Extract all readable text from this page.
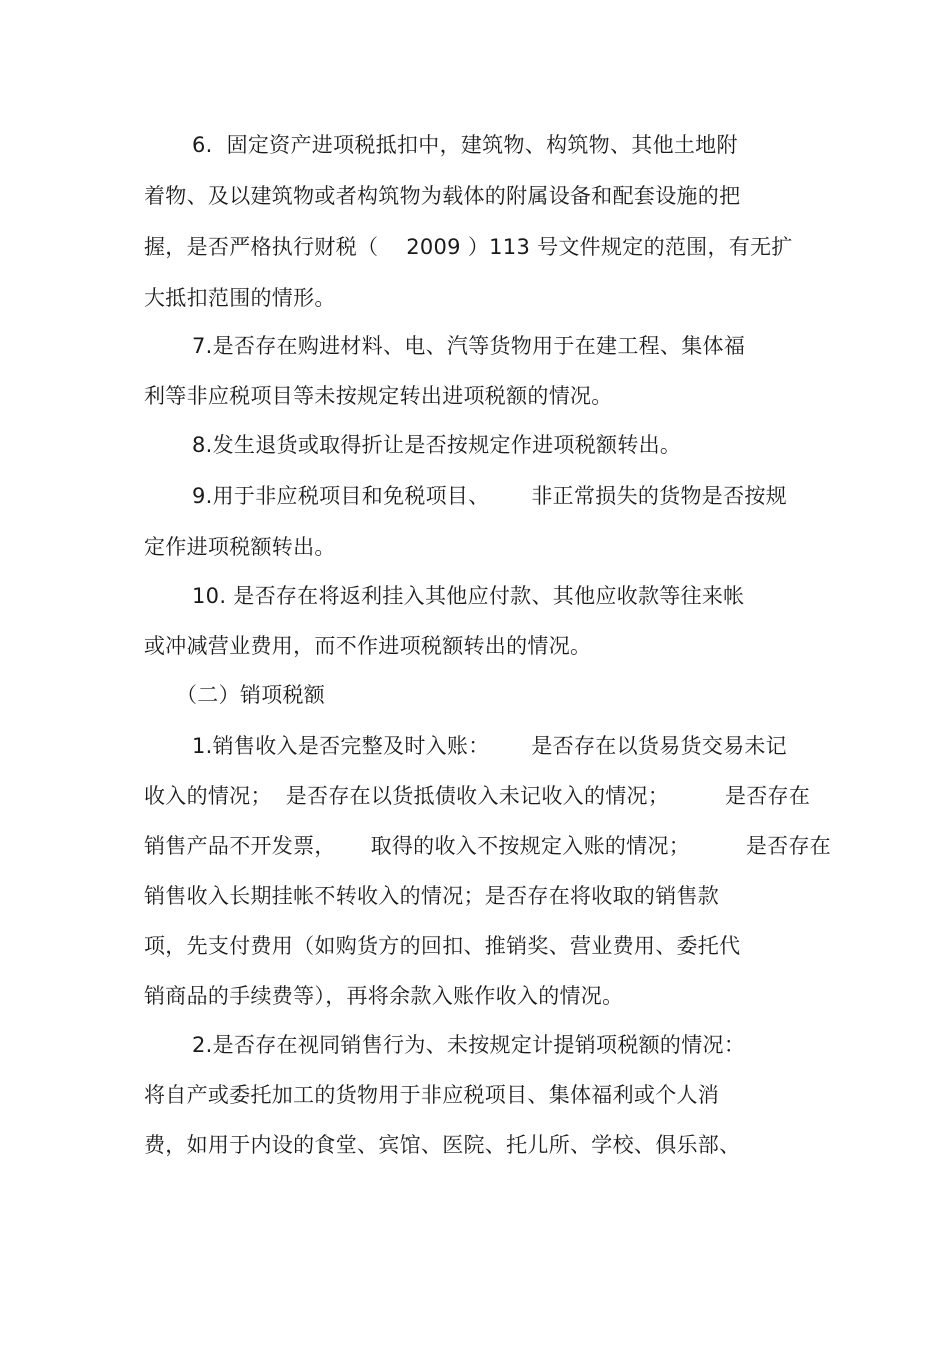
6.  固定资产进项税抵扣中，建筑物、构筑物、其他土地附
着物、及以建筑物或者构筑物为载体的附属设备和配套设施的把
握，是否严格执行财税（    2009 ）113 号文件规定的范围，有无扩
大抵扣范围的情形。
7.是否存在购进材料、电、汽等货物用于在建工程、集体福
利等非应税项目等未按规定转出进项税额的情况。
8.发生退货或取得折让是否按规定作进项税额转出。
9.用于非应税项目和免税项目、      非正常损失的货物是否按规
定作进项税额转出。
10. 是否存在将返利挂入其他应付款、其他应收款等往来帐
或冲减营业费用，而不作进项税额转出的情况。
（二）销项税额
1.销售收入是否完整及时入账：      是否存在以货易货交易未记
收入的情况；  是否存在以货抵债收入未记收入的情况；        是否存在
销售产品不开发票，     取得的收入不按规定入账的情况；        是否存在
销售收入长期挂帐不转收入的情况；是否存在将收取的销售款
项，先支付费用（如购货方的回扣、推销奖、营业费用、委托代
销商品的手续费等），再将余款入账作收入的情况。
2.是否存在视同销售行为、未按规定计提销项税额的情况：
将自产或委托加工的货物用于非应税项目、集体福利或个人消
费，如用于内设的食堂、宾馆、医院、托儿所、学校、俱乐部、
